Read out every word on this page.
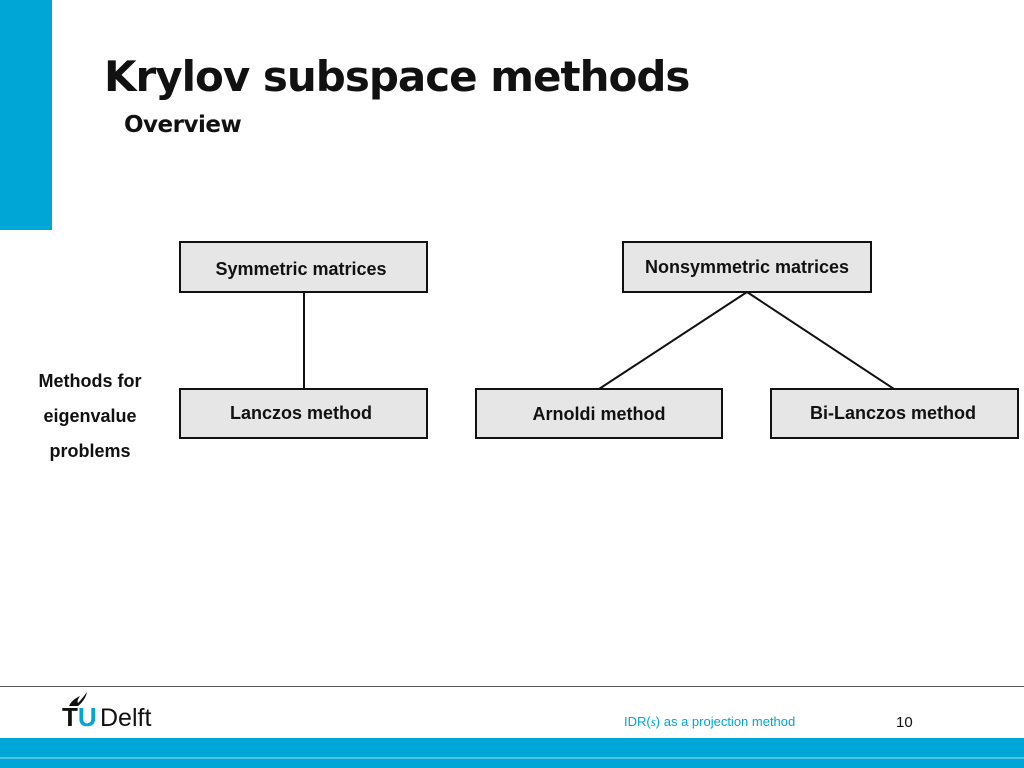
Krylov subspace methods
Overview
Symmetric matrices	Nonsymmetric matrices
Lanczos method	Arnoldi method	Bi-Lanczos method
Methods for
eigenvalue
problems
TU Delft	IDR(s) as a projection method	10
